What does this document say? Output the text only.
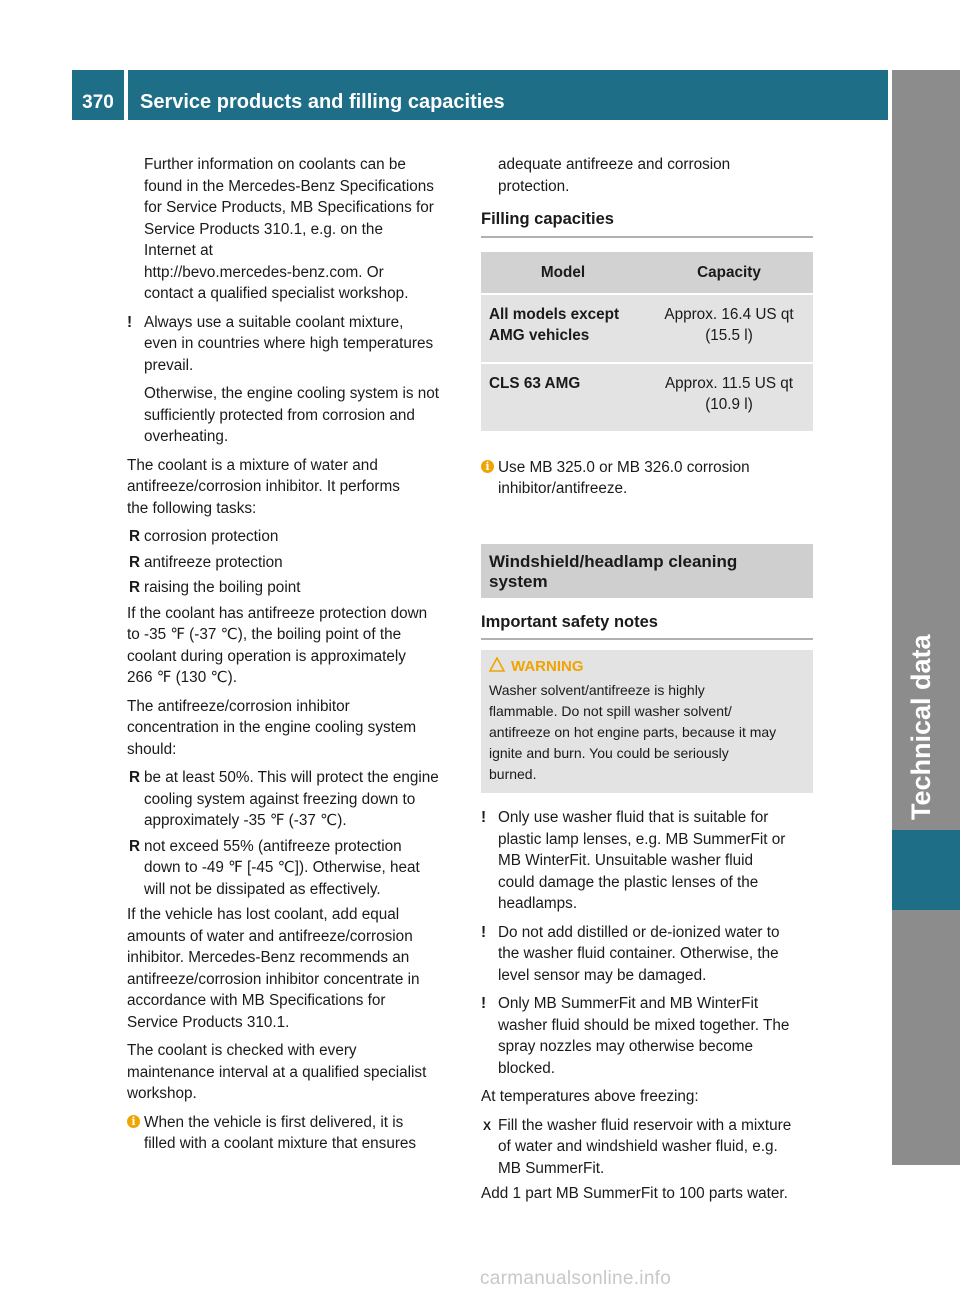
370	Service products and filling capacities
Technical data

Further information on coolants can be
found in the Mercedes-Benz Specifications
for Service Products, MB Specifications for
Service Products 310.1, e.g. on the
Internet at
http://bevo.mercedes-benz.com. Or
contact a qualified specialist workshop.

! Always use a suitable coolant mixture,
even in countries where high temperatures
prevail.

Otherwise, the engine cooling system is not
sufficiently protected from corrosion and
overheating.

The coolant is a mixture of water and
antifreeze/corrosion inhibitor. It performs
the following tasks:

R corrosion protection
R antifreeze protection
R raising the boiling point

If the coolant has antifreeze protection down
to -35 ℉ (-37 ℃), the boiling point of the
coolant during operation is approximately
266 ℉ (130 ℃).

The antifreeze/corrosion inhibitor
concentration in the engine cooling system
should:

R be at least 50%. This will protect the engine
cooling system against freezing down to
approximately -35 ℉ (-37 ℃).
R not exceed 55% (antifreeze protection
down to -49 ℉ [-45 ℃]). Otherwise, heat
will not be dissipated as effectively.

If the vehicle has lost coolant, add equal
amounts of water and antifreeze/corrosion
inhibitor. Mercedes-Benz recommends an
antifreeze/corrosion inhibitor concentrate in
accordance with MB Specifications for
Service Products 310.1.

The coolant is checked with every
maintenance interval at a qualified specialist
workshop.

i When the vehicle is first delivered, it is
filled with a coolant mixture that ensures

adequate antifreeze and corrosion
protection.

Filling capacities
Model	Capacity
All models except
AMG vehicles	Approx. 16.4 US qt
(15.5 l)
CLS 63 AMG	Approx. 11.5 US qt
(10.9 l)
i Use MB 325.0 or MB 326.0 corrosion
inhibitor/antifreeze.

Windshield/headlamp cleaning
system
Important safety notes
WARNING
Washer solvent/antifreeze is highly
flammable. Do not spill washer solvent/
antifreeze on hot engine parts, because it may
ignite and burn. You could be seriously
burned.
! Only use washer fluid that is suitable for
plastic lamp lenses, e.g. MB SummerFit or
MB WinterFit. Unsuitable washer fluid
could damage the plastic lenses of the
headlamps.

! Do not add distilled or de-ionized water to
the washer fluid container. Otherwise, the
level sensor may be damaged.

! Only MB SummerFit and MB WinterFit
washer fluid should be mixed together. The
spray nozzles may otherwise become
blocked.

At temperatures above freezing:

X Fill the washer fluid reservoir with a mixture
of water and windshield washer fluid, e.g.
MB SummerFit.

Add 1 part MB SummerFit to 100 parts water.

carmanualsonline.info
